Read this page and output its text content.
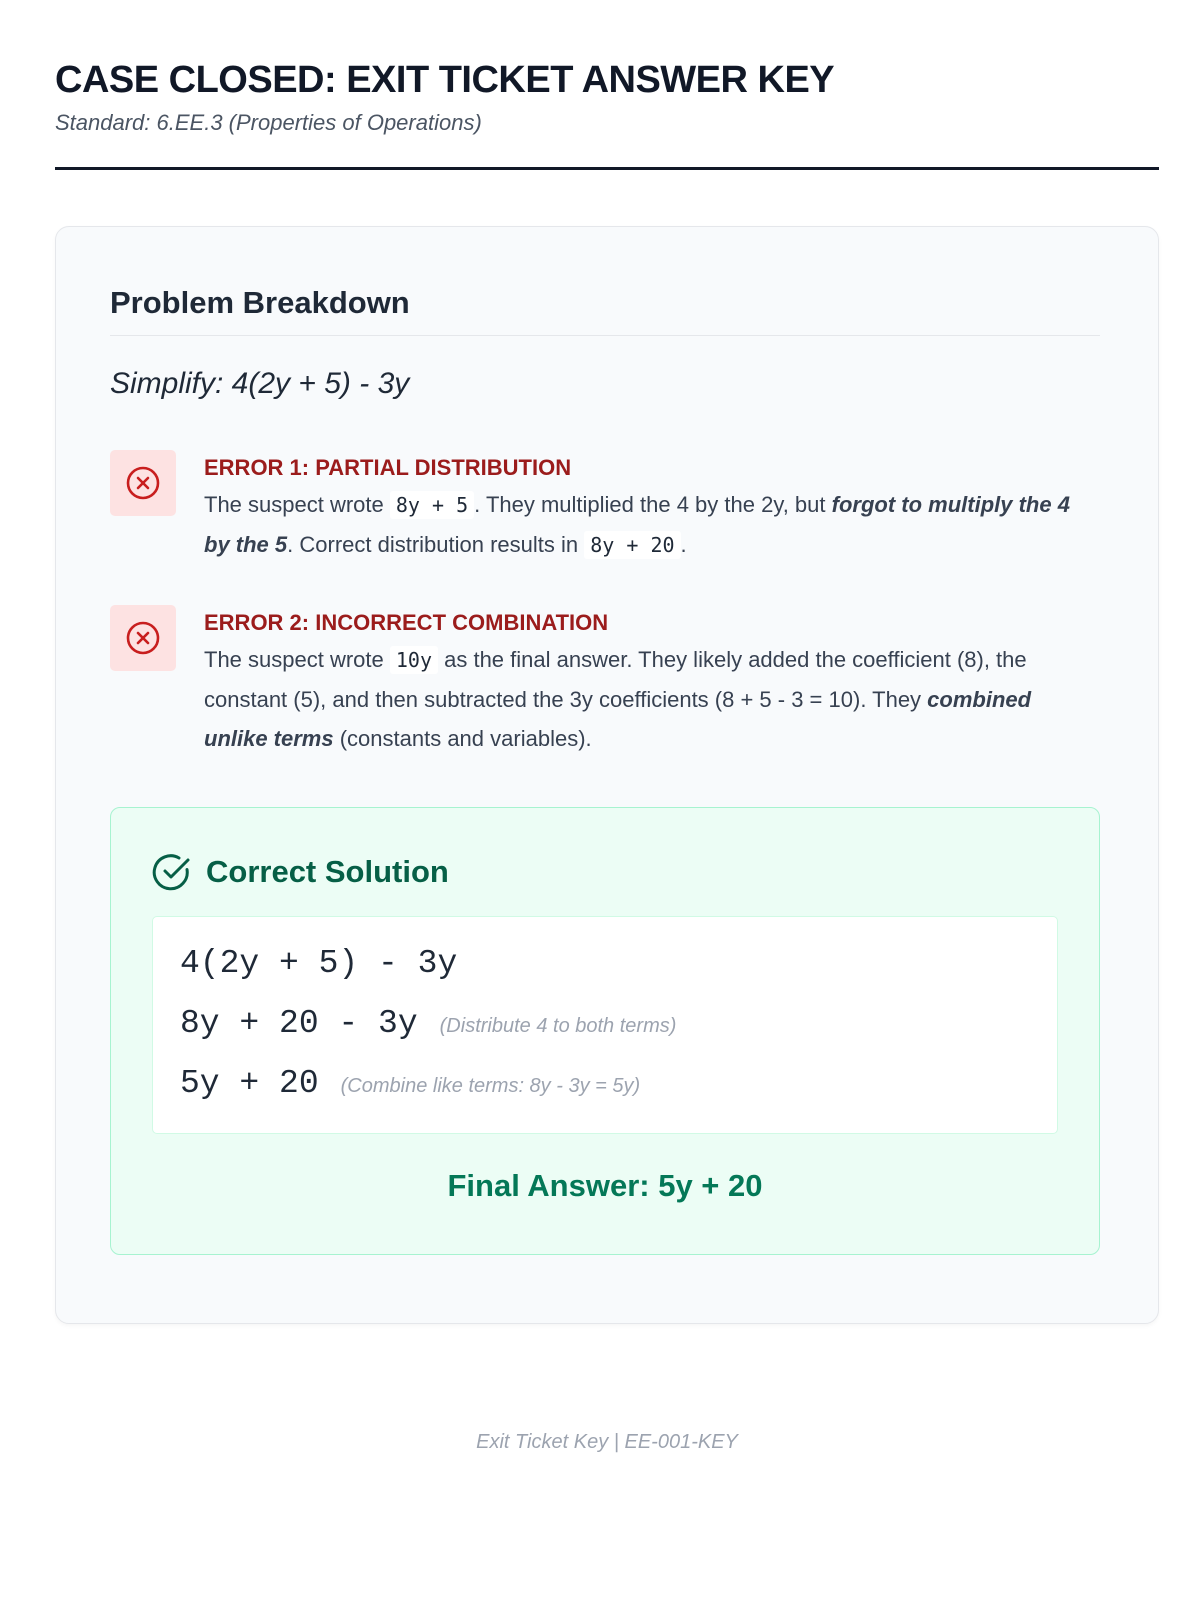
CASE CLOSED: EXIT TICKET ANSWER KEY
Standard: 6.EE.3 (Properties of Operations)
Problem Breakdown
Simplify: 4(2y + 5) - 3y
ERROR 1: PARTIAL DISTRIBUTION
The suspect wrote 8y + 5 . They multiplied the 4 by the 2y, but forgot to multiply the 4 by the 5. Correct distribution results in 8y + 20 .
ERROR 2: INCORRECT COMBINATION
The suspect wrote 10y as the final answer. They likely added the coefficient (8), the constant (5), and then subtracted the 3y coefficients (8 + 5 - 3 = 10). They combined unlike terms (constants and variables).
Correct Solution
4(2y + 5) - 3y
8y + 20 - 3y (Distribute 4 to both terms)
5y + 20 (Combine like terms: 8y - 3y = 5y)
Final Answer: 5y + 20
Exit Ticket Key | EE-001-KEY
